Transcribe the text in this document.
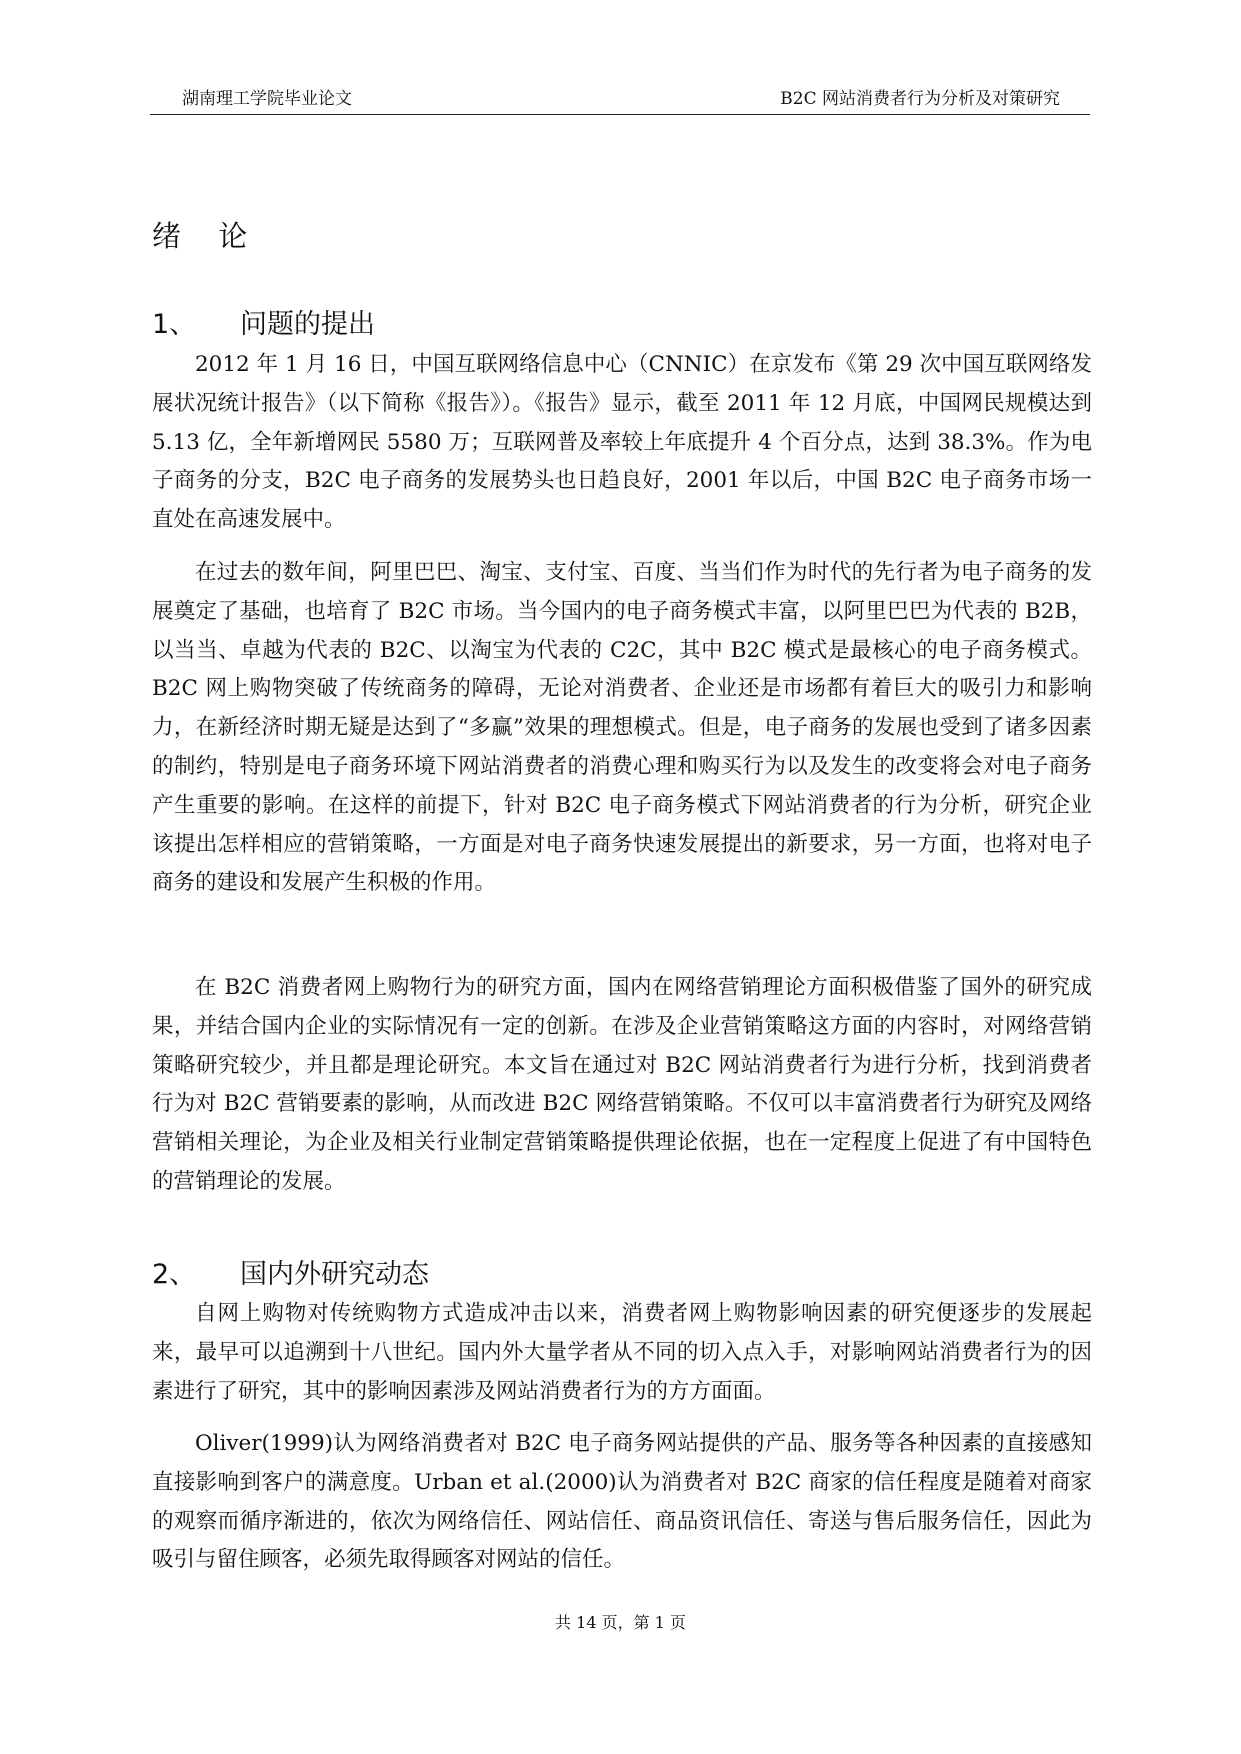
湖南理工学院毕业论文	B2C 网站消费者行为分析及对策研究
绪 论
1、 问题的提出

2012 年 1 月 16 日，中国互联网络信息中心（CNNIC）在京发布《第 29 次中国互联网络发展状况统计报告》（以下简称《报告》）。《报告》显示，截至 2011 年 12 月底，中国网民规模达到 5.13 亿，全年新增网民 5580 万；互联网普及率较上年底提升 4 个百分点，达到 38.3%。作为电子商务的分支，B2C 电子商务的发展势头也日趋良好，2001 年以后，中国 B2C 电子商务市场一直处在高速发展中。

在过去的数年间，阿里巴巴、淘宝、支付宝、百度、当当们作为时代的先行者为电子商务的发展奠定了基础，也培育了 B2C 市场。当今国内的电子商务模式丰富，以阿里巴巴为代表的 B2B，以当当、卓越为代表的 B2C、以淘宝为代表的 C2C，其中 B2C 模式是最核心的电子商务模式。B2C 网上购物突破了传统商务的障碍，无论对消费者、企业还是市场都有着巨大的吸引力和影响力，在新经济时期无疑是达到了“多赢”效果的理想模式。但是，电子商务的发展也受到了诸多因素的制约，特别是电子商务环境下网站消费者的消费心理和购买行为以及发生的改变将会对电子商务产生重要的影响。在这样的前提下，针对 B2C 电子商务模式下网站消费者的行为分析，研究企业该提出怎样相应的营销策略，一方面是对电子商务快速发展提出的新要求，另一方面，也将对电子商务的建设和发展产生积极的作用。

在 B2C 消费者网上购物行为的研究方面，国内在网络营销理论方面积极借鉴了国外的研究成果，并结合国内企业的实际情况有一定的创新。在涉及企业营销策略这方面的内容时，对网络营销策略研究较少，并且都是理论研究。本文旨在通过对 B2C 网站消费者行为进行分析，找到消费者行为对 B2C 营销要素的影响，从而改进 B2C 网络营销策略。不仅可以丰富消费者行为研究及网络营销相关理论，为企业及相关行业制定营销策略提供理论依据，也在一定程度上促进了有中国特色的营销理论的发展。

2、 国内外研究动态

自网上购物对传统购物方式造成冲击以来，消费者网上购物影响因素的研究便逐步的发展起来，最早可以追溯到十八世纪。国内外大量学者从不同的切入点入手，对影响网站消费者行为的因素进行了研究，其中的影响因素涉及网站消费者行为的方方面面。

Oliver(1999)认为网络消费者对 B2C 电子商务网站提供的产品、服务等各种因素的直接感知直接影响到客户的满意度。Urban et al.(2000)认为消费者对 B2C 商家的信任程度是随着对商家的观察而循序渐进的，依次为网络信任、网站信任、商品资讯信任、寄送与售后服务信任，因此为吸引与留住顾客，必须先取得顾客对网站的信任。

共 14 页，第 1 页
